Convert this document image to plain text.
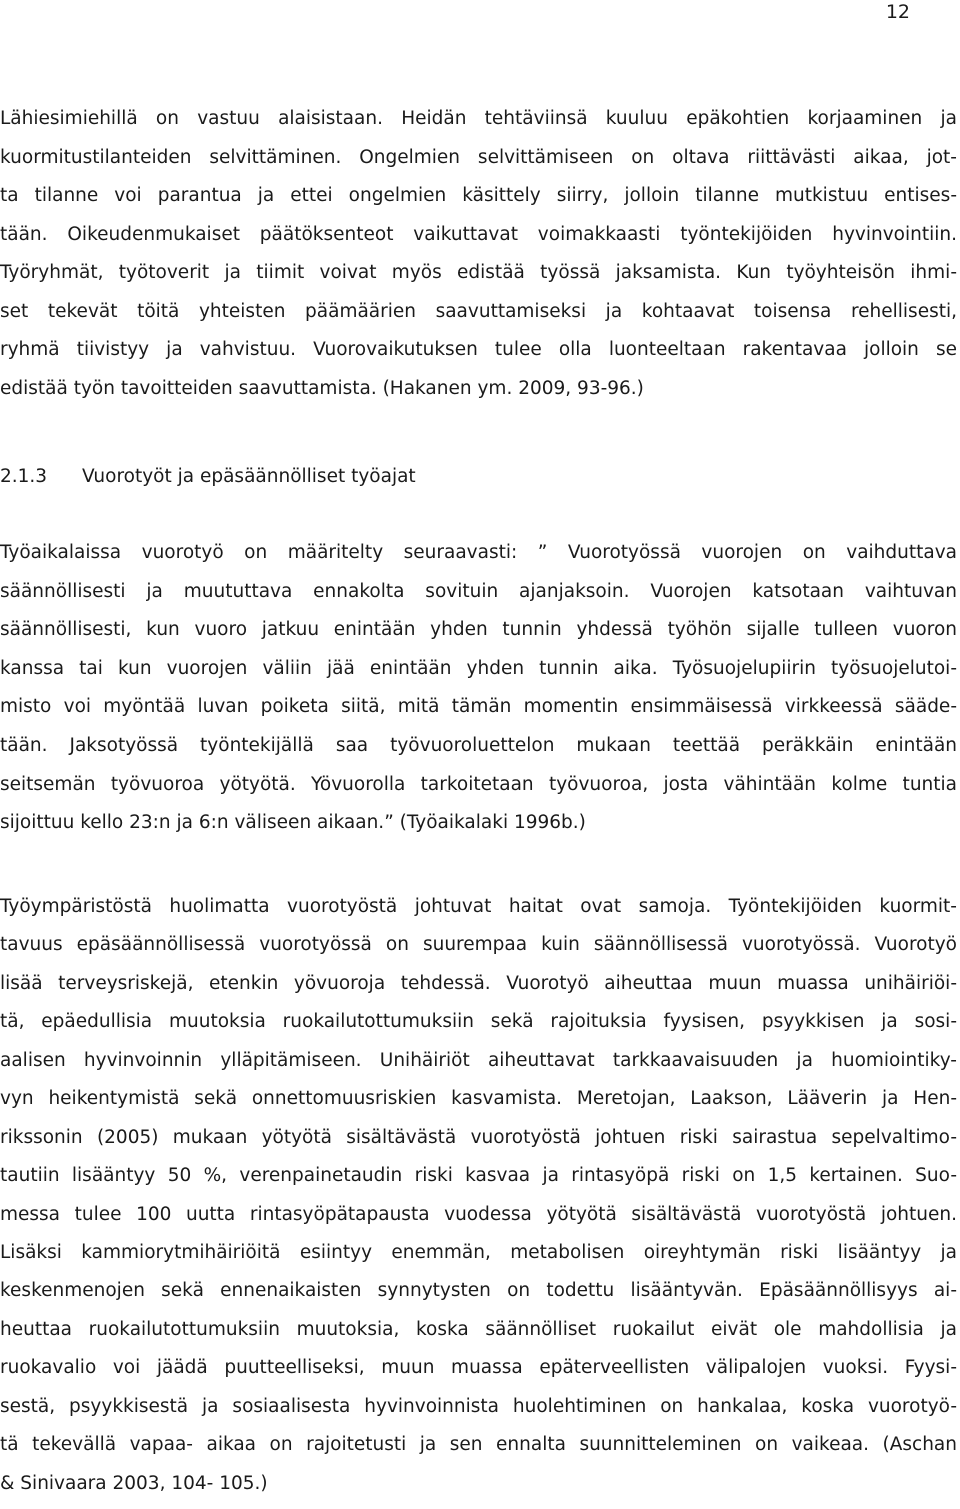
12
Lähiesimiehillä on vastuu alaisistaan. Heidän tehtäviinsä kuuluu epäkohtien korjaaminen ja
kuormitustilanteiden selvittäminen. Ongelmien selvittämiseen on oltava riittävästi aikaa, jot-
ta tilanne voi parantua ja ettei ongelmien käsittely siirry, jolloin tilanne mutkistuu entises-
tään. Oikeudenmukaiset päätöksenteot vaikuttavat voimakkaasti työntekijöiden hyvinvointiin.
Työryhmät, työtoverit ja tiimit voivat myös edistää työssä jaksamista. Kun työyhteisön ihmi-
set tekevät töitä yhteisten päämäärien saavuttamiseksi ja kohtaavat toisensa rehellisesti,
ryhmä tiivistyy ja vahvistuu. Vuorovaikutuksen tulee olla luonteeltaan rakentavaa jolloin se
edistää työn tavoitteiden saavuttamista. (Hakanen ym. 2009, 93-96.)
2.1.3 Vuorotyöt ja epäsäännölliset työajat
Työaikalaissa vuorotyö on määritelty seuraavasti: ” Vuorotyössä vuorojen on vaihduttava
säännöllisesti ja muututtava ennakolta sovituin ajanjaksoin. Vuorojen katsotaan vaihtuvan
säännöllisesti, kun vuoro jatkuu enintään yhden tunnin yhdessä työhön sijalle tulleen vuoron
kanssa tai kun vuorojen väliin jää enintään yhden tunnin aika. Työsuojelupiirin työsuojelutoi-
misto voi myöntää luvan poiketa siitä, mitä tämän momentin ensimmäisessä virkkeessä sääde-
tään. Jaksotyössä työntekijällä saa työvuoroluettelon mukaan teettää peräkkäin enintään
seitsemän työvuoroa yötyötä. Yövuorolla tarkoitetaan työvuoroa, josta vähintään kolme tuntia
sijoittuu kello 23:n ja 6:n väliseen aikaan.” (Työaikalaki 1996b.)
Työympäristöstä huolimatta vuorotyöstä johtuvat haitat ovat samoja. Työntekijöiden kuormit-
tavuus epäsäännöllisessä vuorotyössä on suurempaa kuin säännöllisessä vuorotyössä. Vuorotyö
lisää terveysriskejä, etenkin yövuoroja tehdessä. Vuorotyö aiheuttaa muun muassa unihäiriöi-
tä, epäedullisia muutoksia ruokailutottumuksiin sekä rajoituksia fyysisen, psyykkisen ja sosi-
aalisen hyvinvoinnin ylläpitämiseen. Unihäiriöt aiheuttavat tarkkaavaisuuden ja huomiointiky-
vyn heikentymistä sekä onnettomuusriskien kasvamista. Meretojan, Laakson, Lääverin ja Hen-
rikssonin (2005) mukaan yötyötä sisältävästä vuorotyöstä johtuen riski sairastua sepelvaltimo-
tautiin lisääntyy 50 %, verenpainetaudin riski kasvaa ja rintasyöpä riski on 1,5 kertainen. Suo-
messa tulee 100 uutta rintasyöpätapausta vuodessa yötyötä sisältävästä vuorotyöstä johtuen.
Lisäksi kammiorytmihäiriöitä esiintyy enemmän, metabolisen oireyhtymän riski lisääntyy ja
keskenmenojen sekä ennenaikaisten synnytysten on todettu lisääntyvän. Epäsäännöllisyys ai-
heuttaa ruokailutottumuksiin muutoksia, koska säännölliset ruokailut eivät ole mahdollisia ja
ruokavalio voi jäädä puutteelliseksi, muun muassa epäterveellisten välipalojen vuoksi. Fyysi-
sestä, psyykkisestä ja sosiaalisesta hyvinvoinnista huolehtiminen on hankalaa, koska vuorotyö-
tä tekevällä vapaa- aikaa on rajoitetusti ja sen ennalta suunnitteleminen on vaikeaa. (Aschan
& Sinivaara 2003, 104- 105.)
